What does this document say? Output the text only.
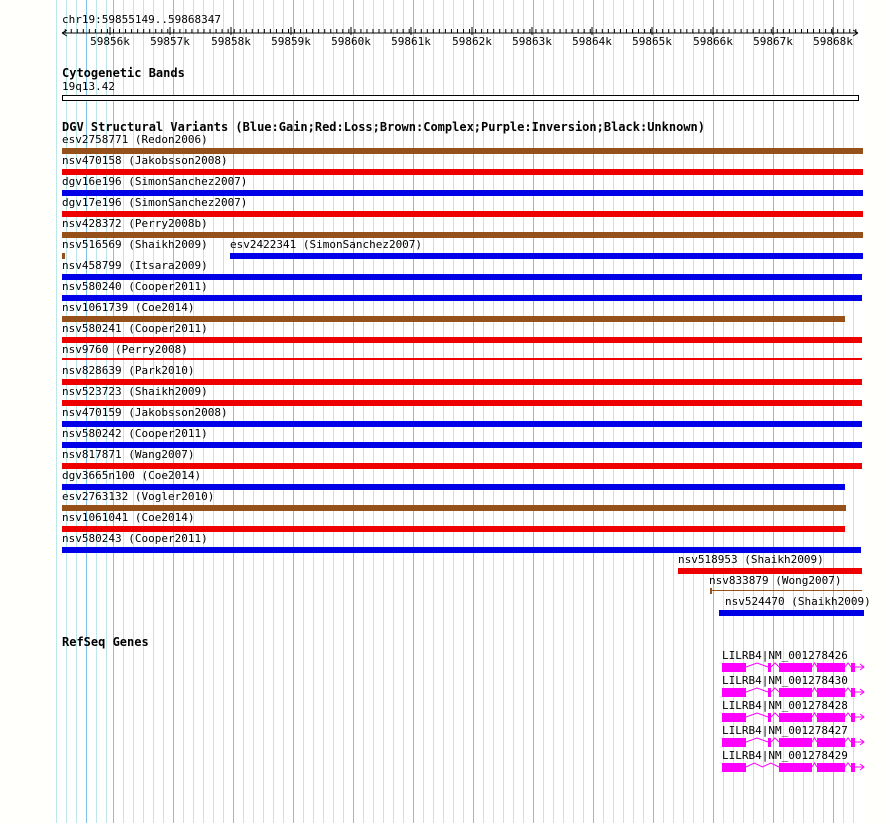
chr19:59855149..59868347
59856k 59857k 59858k 59859k 59860k 59861k 59862k 59863k 59864k 59865k 59866k 59867k 59868k
Cytogenetic Bands
19q13.42
DGV Structural Variants (Blue:Gain;Red:Loss;Brown:Complex;Purple:Inversion;Black:Unknown)
esv2758771 (Redon2006)
nsv470158 (Jakobsson2008)
dgv16e196 (SimonSanchez2007)
dgv17e196 (SimonSanchez2007)
nsv428372 (Perry2008b)
nsv516569 (Shaikh2009) esv2422341 (SimonSanchez2007)
nsv458799 (Itsara2009)
nsv580240 (Cooper2011)
nsv1061739 (Coe2014)
nsv580241 (Cooper2011)
nsv9760 (Perry2008)
nsv828639 (Park2010)
nsv523723 (Shaikh2009)
nsv470159 (Jakobsson2008)
nsv580242 (Cooper2011)
nsv817871 (Wang2007)
dgv3665n100 (Coe2014)
esv2763132 (Vogler2010)
nsv1061041 (Coe2014)
nsv580243 (Cooper2011)
nsv518953 (Shaikh2009)
nsv833879 (Wong2007)
nsv524470 (Shaikh2009)
RefSeq Genes
LILRB4|NM_001278426
LILRB4|NM_001278430
LILRB4|NM_001278428
LILRB4|NM_001278427
LILRB4|NM_001278429
